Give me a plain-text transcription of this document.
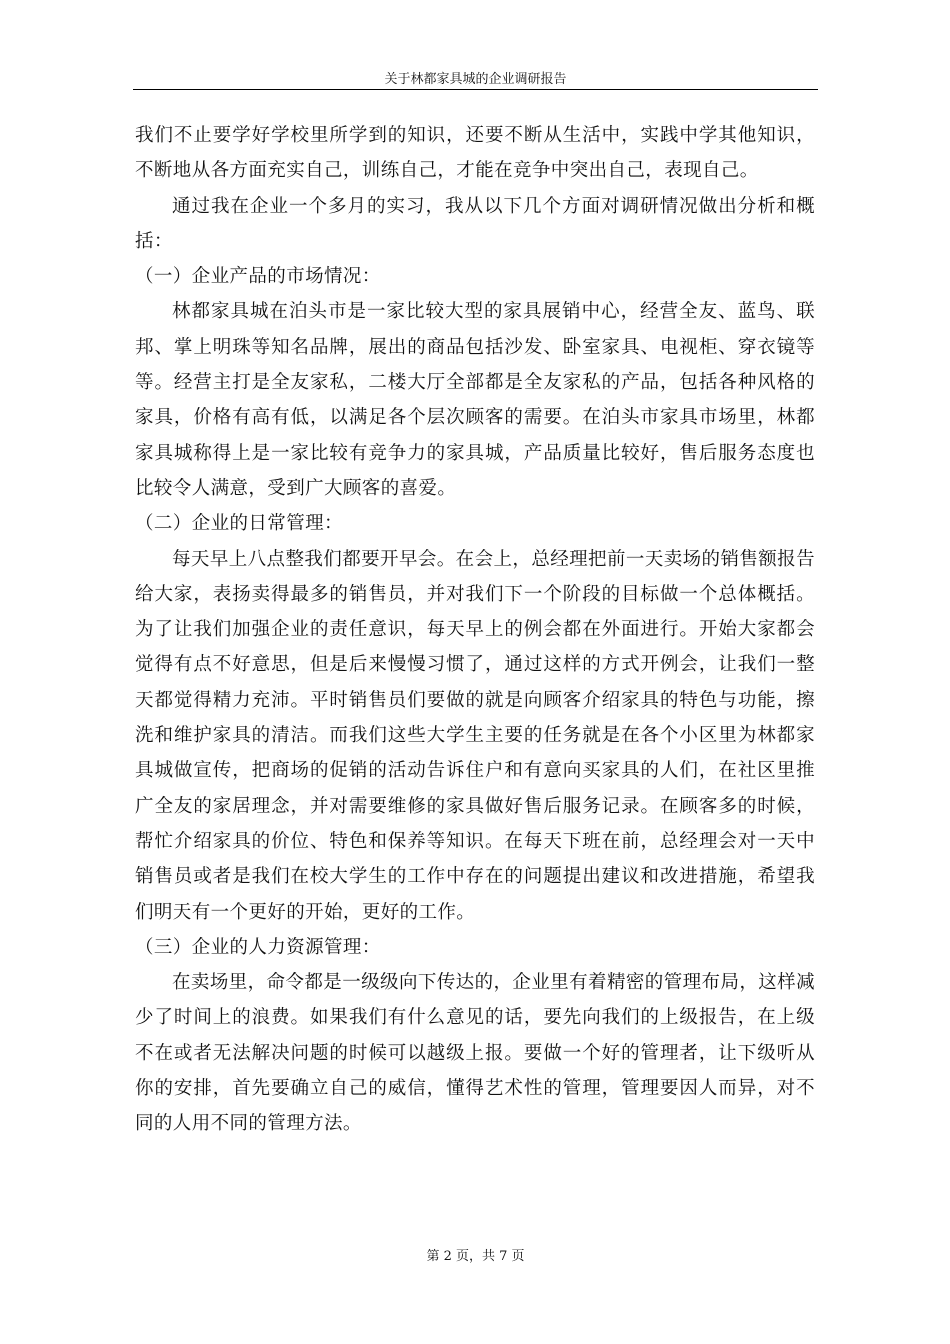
关于林都家具城的企业调研报告

我们不止要学好学校里所学到的知识，还要不断从生活中，实践中学其他知识，不断地从各方面充实自己，训练自己，才能在竞争中突出自己，表现自己。

通过我在企业一个多月的实习，我从以下几个方面对调研情况做出分析和概括：

（一）企业产品的市场情况：

林都家具城在泊头市是一家比较大型的家具展销中心，经营全友、蓝鸟、联邦、掌上明珠等知名品牌，展出的商品包括沙发、卧室家具、电视柜、穿衣镜等等。经营主打是全友家私，二楼大厅全部都是全友家私的产品，包括各种风格的家具，价格有高有低，以满足各个层次顾客的需要。在泊头市家具市场里，林都家具城称得上是一家比较有竞争力的家具城，产品质量比较好，售后服务态度也比较令人满意，受到广大顾客的喜爱。

（二）企业的日常管理：

每天早上八点整我们都要开早会。在会上，总经理把前一天卖场的销售额报告给大家，表扬卖得最多的销售员，并对我们下一个阶段的目标做一个总体概括。为了让我们加强企业的责任意识，每天早上的例会都在外面进行。开始大家都会觉得有点不好意思，但是后来慢慢习惯了，通过这样的方式开例会，让我们一整天都觉得精力充沛。平时销售员们要做的就是向顾客介绍家具的特色与功能，擦洗和维护家具的清洁。而我们这些大学生主要的任务就是在各个小区里为林都家具城做宣传，把商场的促销的活动告诉住户和有意向买家具的人们，在社区里推广全友的家居理念，并对需要维修的家具做好售后服务记录。在顾客多的时候，帮忙介绍家具的价位、特色和保养等知识。在每天下班在前，总经理会对一天中销售员或者是我们在校大学生的工作中存在的问题提出建议和改进措施，希望我们明天有一个更好的开始，更好的工作。

（三）企业的人力资源管理：

在卖场里，命令都是一级级向下传达的，企业里有着精密的管理布局，这样减少了时间上的浪费。如果我们有什么意见的话，要先向我们的上级报告，在上级不在或者无法解决问题的时候可以越级上报。要做一个好的管理者，让下级听从你的安排，首先要确立自己的威信，懂得艺术性的管理，管理要因人而异，对不同的人用不同的管理方法。

第 2 页，共 7 页
